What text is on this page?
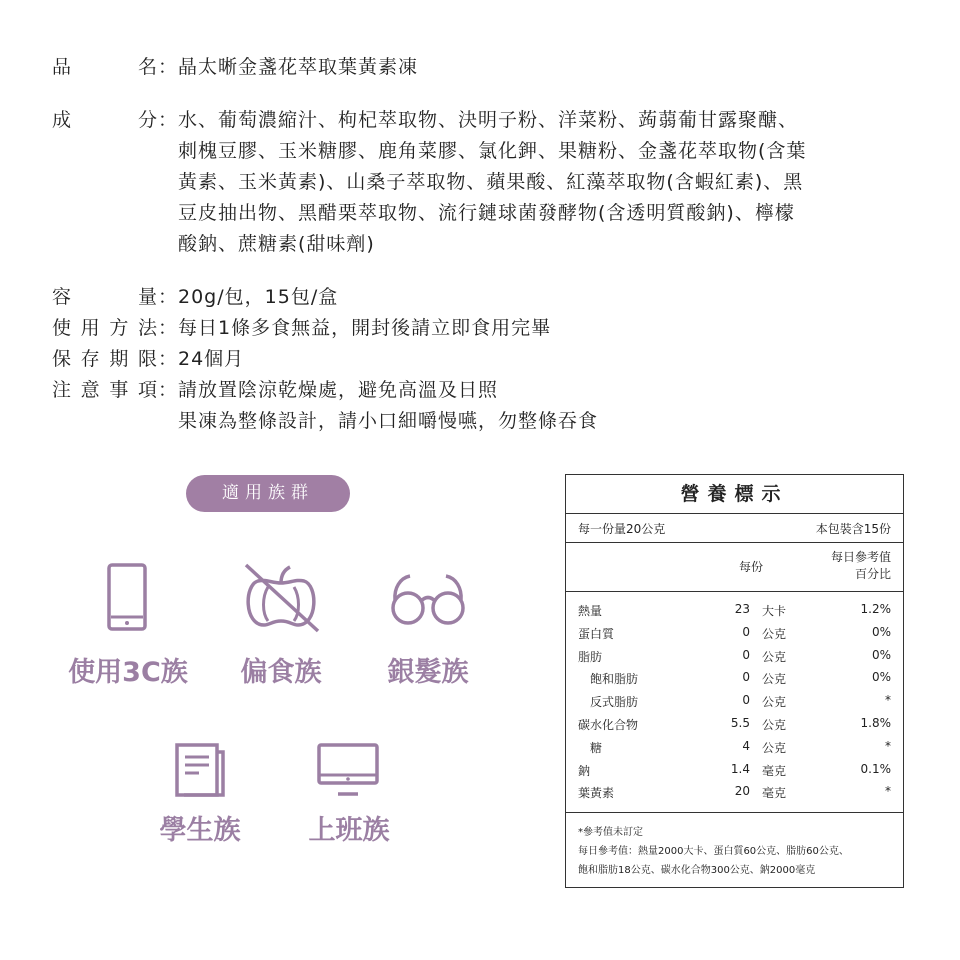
品	名 ： 晶太晰金盞花萃取葉黃素凍
成	分 ： 水、葡萄濃縮汁、枸杞萃取物、決明子粉、洋菜粉、蒟蒻葡甘露聚醣、
刺槐豆膠、玉米糖膠、鹿角菜膠、氯化鉀、果糖粉、金盞花萃取物(含葉
黃素、玉米黃素)、山桑子萃取物、蘋果酸、紅藻萃取物(含蝦紅素)、黑
豆皮抽出物、黑醋栗萃取物、流行鏈球菌發酵物(含透明質酸鈉)、檸檬
酸鈉、蔗糖素(甜味劑)
容	量 ： 20g/包，15包/盒
使 用 方 法 ： 每日1條多食無益，開封後請立即食用完畢
保 存 期 限 ： 24個月
注 意 事 項 ： 請放置陰涼乾燥處，避免高溫及日照
果凍為整條設計，請小口細嚼慢嚥，勿整條吞食
適用族群
使用3C族	偏食族	銀髮族
學生族	上班族
營養標示
每一份量20公克	本包裝含15份
每份
每日參考值
百分比
熱量	23 大卡	1.2%
蛋白質	0 公克	0%
脂肪	0 公克	0%
飽和脂肪	0 公克	0%
反式脂肪	0 公克	*
碳水化合物	5.5 公克	1.8%
糖	4 公克	*
鈉	1.4 毫克	0.1%
葉黃素	20 毫克	*
*參考值未訂定
每日參考值：熱量2000大卡、蛋白質60公克、脂肪60公克、
飽和脂肪18公克、碳水化合物300公克、鈉2000毫克
